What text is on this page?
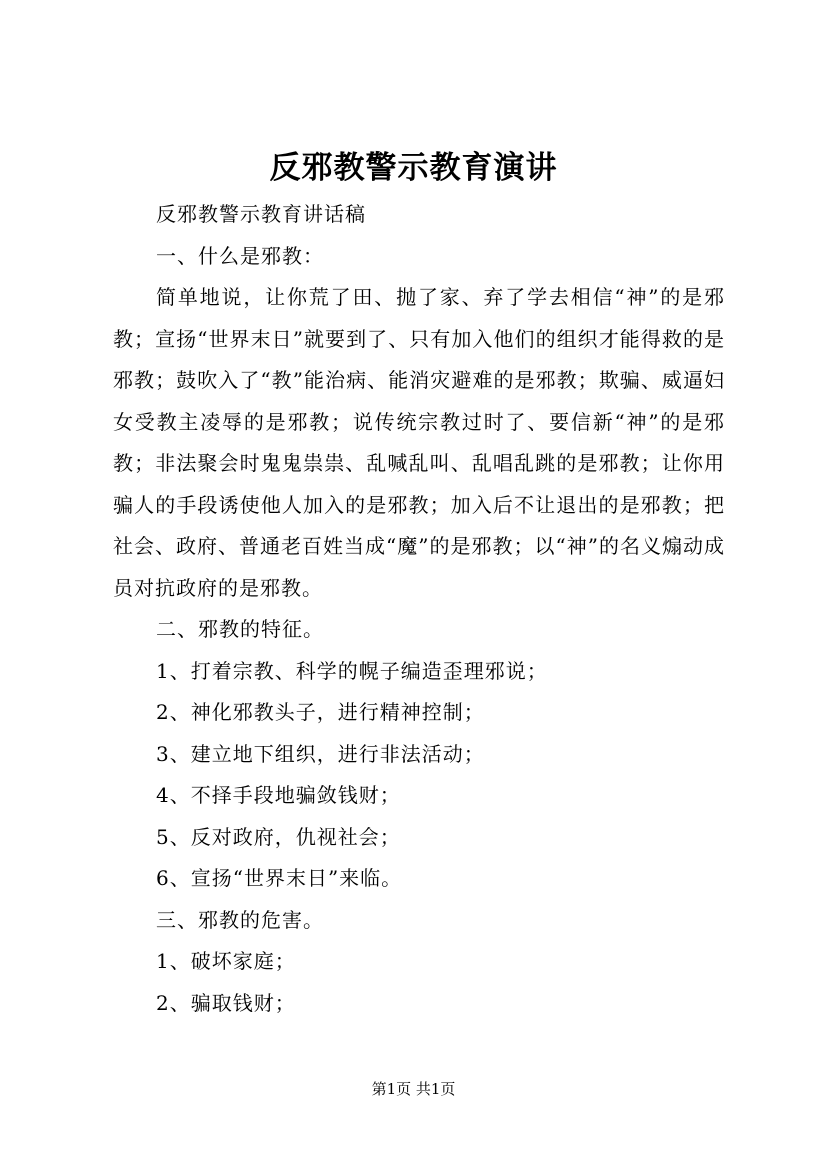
反邪教警示教育演讲

反邪教警示教育讲话稿

一、什么是邪教：

简单地说，让你荒了田、抛了家、弃了学去相信“神”的是邪教；宣扬“世界末日”就要到了、只有加入他们的组织才能得救的是邪教；鼓吹入了“教”能治病、能消灾避难的是邪教；欺骗、威逼妇女受教主凌辱的是邪教；说传统宗教过时了、要信新“神”的是邪教；非法聚会时鬼鬼祟祟、乱喊乱叫、乱唱乱跳的是邪教；让你用骗人的手段诱使他人加入的是邪教；加入后不让退出的是邪教；把社会、政府、普通老百姓当成“魔”的是邪教；以“神”的名义煽动成员对抗政府的是邪教。

二、邪教的特征。

1、打着宗教、科学的幌子编造歪理邪说；

2、神化邪教头子，进行精神控制；

3、建立地下组织，进行非法活动；

4、不择手段地骗敛钱财；

5、反对政府，仇视社会；

6、宣扬“世界末日”来临。

三、邪教的危害。

1、破坏家庭；

2、骗取钱财；

第1页 共1页
